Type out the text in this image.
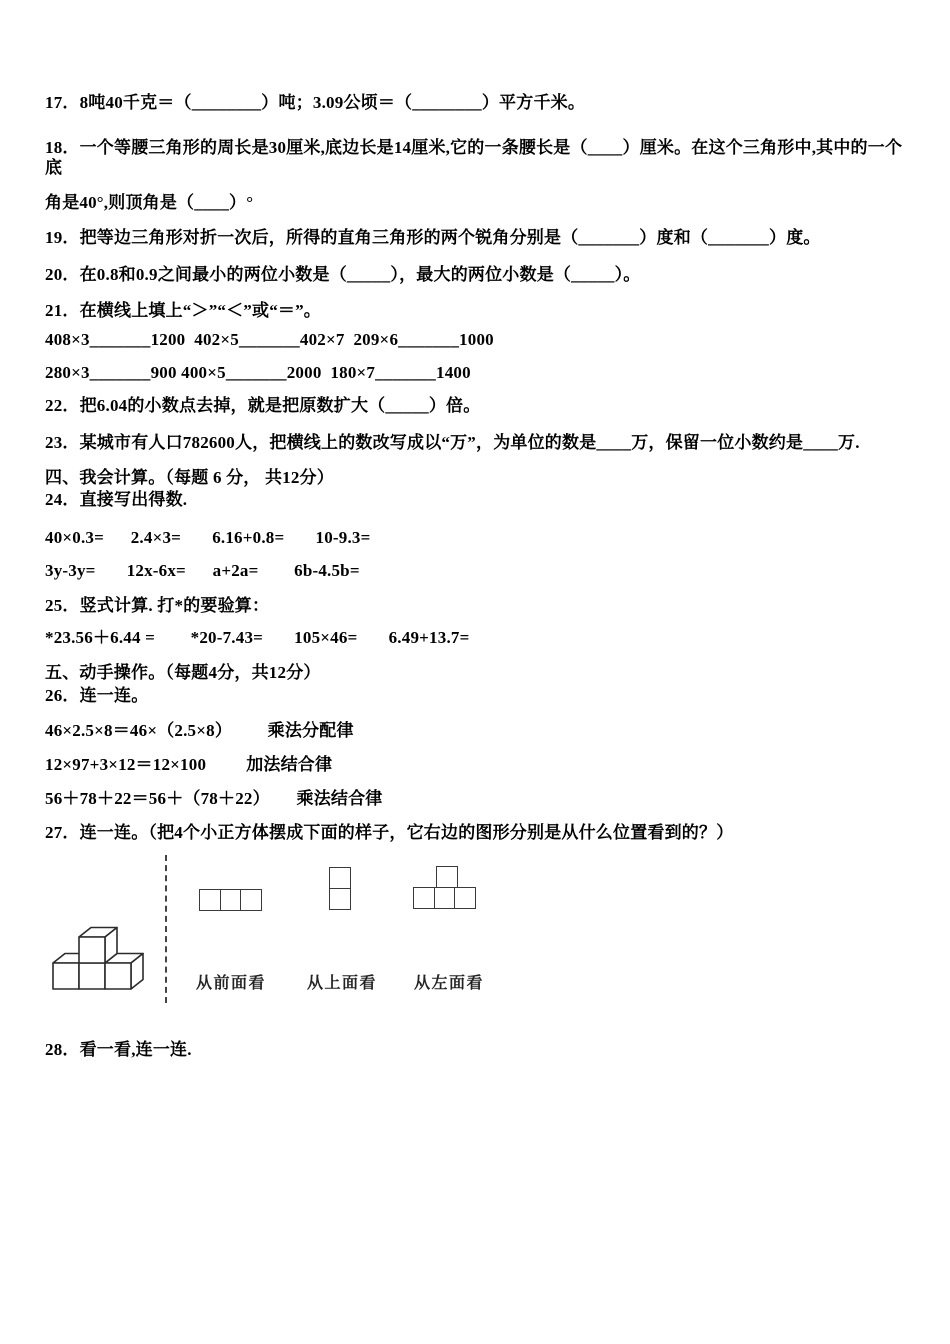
17．8吨40千克＝（________）吨；3.09公顷＝（________）平方千米。
18．一个等腰三角形的周长是30厘米,底边长是14厘米,它的一条腰长是（____）厘米。在这个三角形中,其中的一个底
角是40°,则顶角是（____）°
19．把等边三角形对折一次后，所得的直角三角形的两个锐角分别是（_______）度和（_______）度。
20．在0.8和0.9之间最小的两位小数是（_____），最大的两位小数是（_____）。
21．在横线上填上“＞”“＜”或“＝”。
408×3_______1200  402×5_______402×7  209×6_______1000
280×3_______900 400×5_______2000  180×7_______1400
22．把6.04的小数点去掉，就是把原数扩大（_____）倍。
23．某城市有人口782600人，把横线上的数改写成以“万”，为单位的数是____万，保留一位小数约是____万.
四、我会计算。（每题 6 分， 共12分）
24．直接写出得数.
40×0.3=      2.4×3=       6.16+0.8=       10-9.3=
3y-3y=       12x-6x=      a+2a=        6b-4.5b=
25．竖式计算. 打*的要验算：
*23.56＋6.44 =        *20-7.43=       105×46=       6.49+13.7=
五、动手操作。（每题4分，共12分）
26．连一连。
46×2.5×8＝46×（2.5×8）        乘法分配律
12×97+3×12＝12×100         加法结合律
56＋78＋22＝56＋（78＋22）      乘法结合律
27．连一连。（把4个小正方体摆成下面的样子，它右边的图形分别是从什么位置看到的？）
从前面看	从上面看 从左面看
28．看一看,连一连.
